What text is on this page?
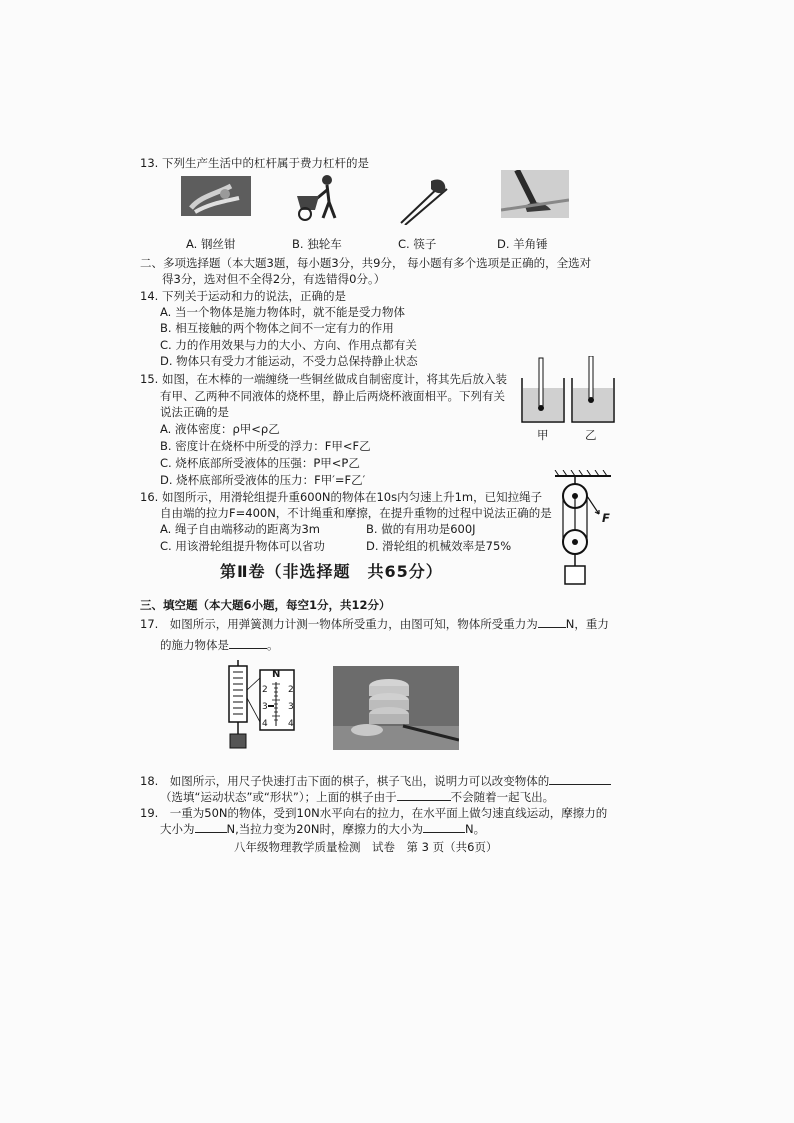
13. 下列生产生活中的杠杆属于费力杠杆的是
A. 钢丝钳	B. 独轮车	C. 筷子	D. 羊角锤
二、多项选择题（本大题3题，每小题3分，共9分， 每小题有多个选项是正确的，全选对
得3分，选对但不全得2分，有选错得0分。）
14. 下列关于运动和力的说法，正确的是
A. 当一个物体是施力物体时，就不能是受力物体
B. 相互接触的两个物体之间不一定有力的作用
C. 力的作用效果与力的大小、方向、作用点都有关
D. 物体只有受力才能运动，不受力总保持静止状态
15. 如图，在木棒的一端缠绕一些铜丝做成自制密度计，将其先后放入装
有甲、乙两种不同液体的烧杯里，静止后两烧杯液面相平。下列有关
说法正确的是
A. 液体密度：ρ甲<ρ乙
B. 密度计在烧杯中所受的浮力：F甲<F乙
C. 烧杯底部所受液体的压强：P甲<P乙
D. 烧杯底部所受液体的压力：F甲′=F乙′
甲	乙
16. 如图所示，用滑轮组提升重600N的物体在10s内匀速上升1m，已知拉绳子
自由端的拉力F=400N，不计绳重和摩擦，在提升重物的过程中说法正确的是
A. 绳子自由端移动的距离为3m	B. 做的有用功是600J
C. 用该滑轮组提升物体可以省功	D. 滑轮组的机械效率是75%
F
第Ⅱ卷（非选择题　共65分）
三、填空题（本大题6小题，每空1分，共12分）
17.　如图所示，用弹簧测力计测一物体所受重力，由图可知，物体所受重力为 N，重力
的施力物体是	。
N
2 2
3 3
4 4
18.　如图所示，用尺子快速打击下面的棋子，棋子飞出，说明力可以改变物体的
（选填“运动状态”或“形状”）；上面的棋子由于	不会随着一起飞出。
19.　一重为50N的物体，受到10N水平向右的拉力，在水平面上做匀速直线运动，摩擦力的
大小为	N,当拉力变为20N时，摩擦力的大小为	N。
八年级物理教学质量检测　试卷　第 3 页（共6页）
